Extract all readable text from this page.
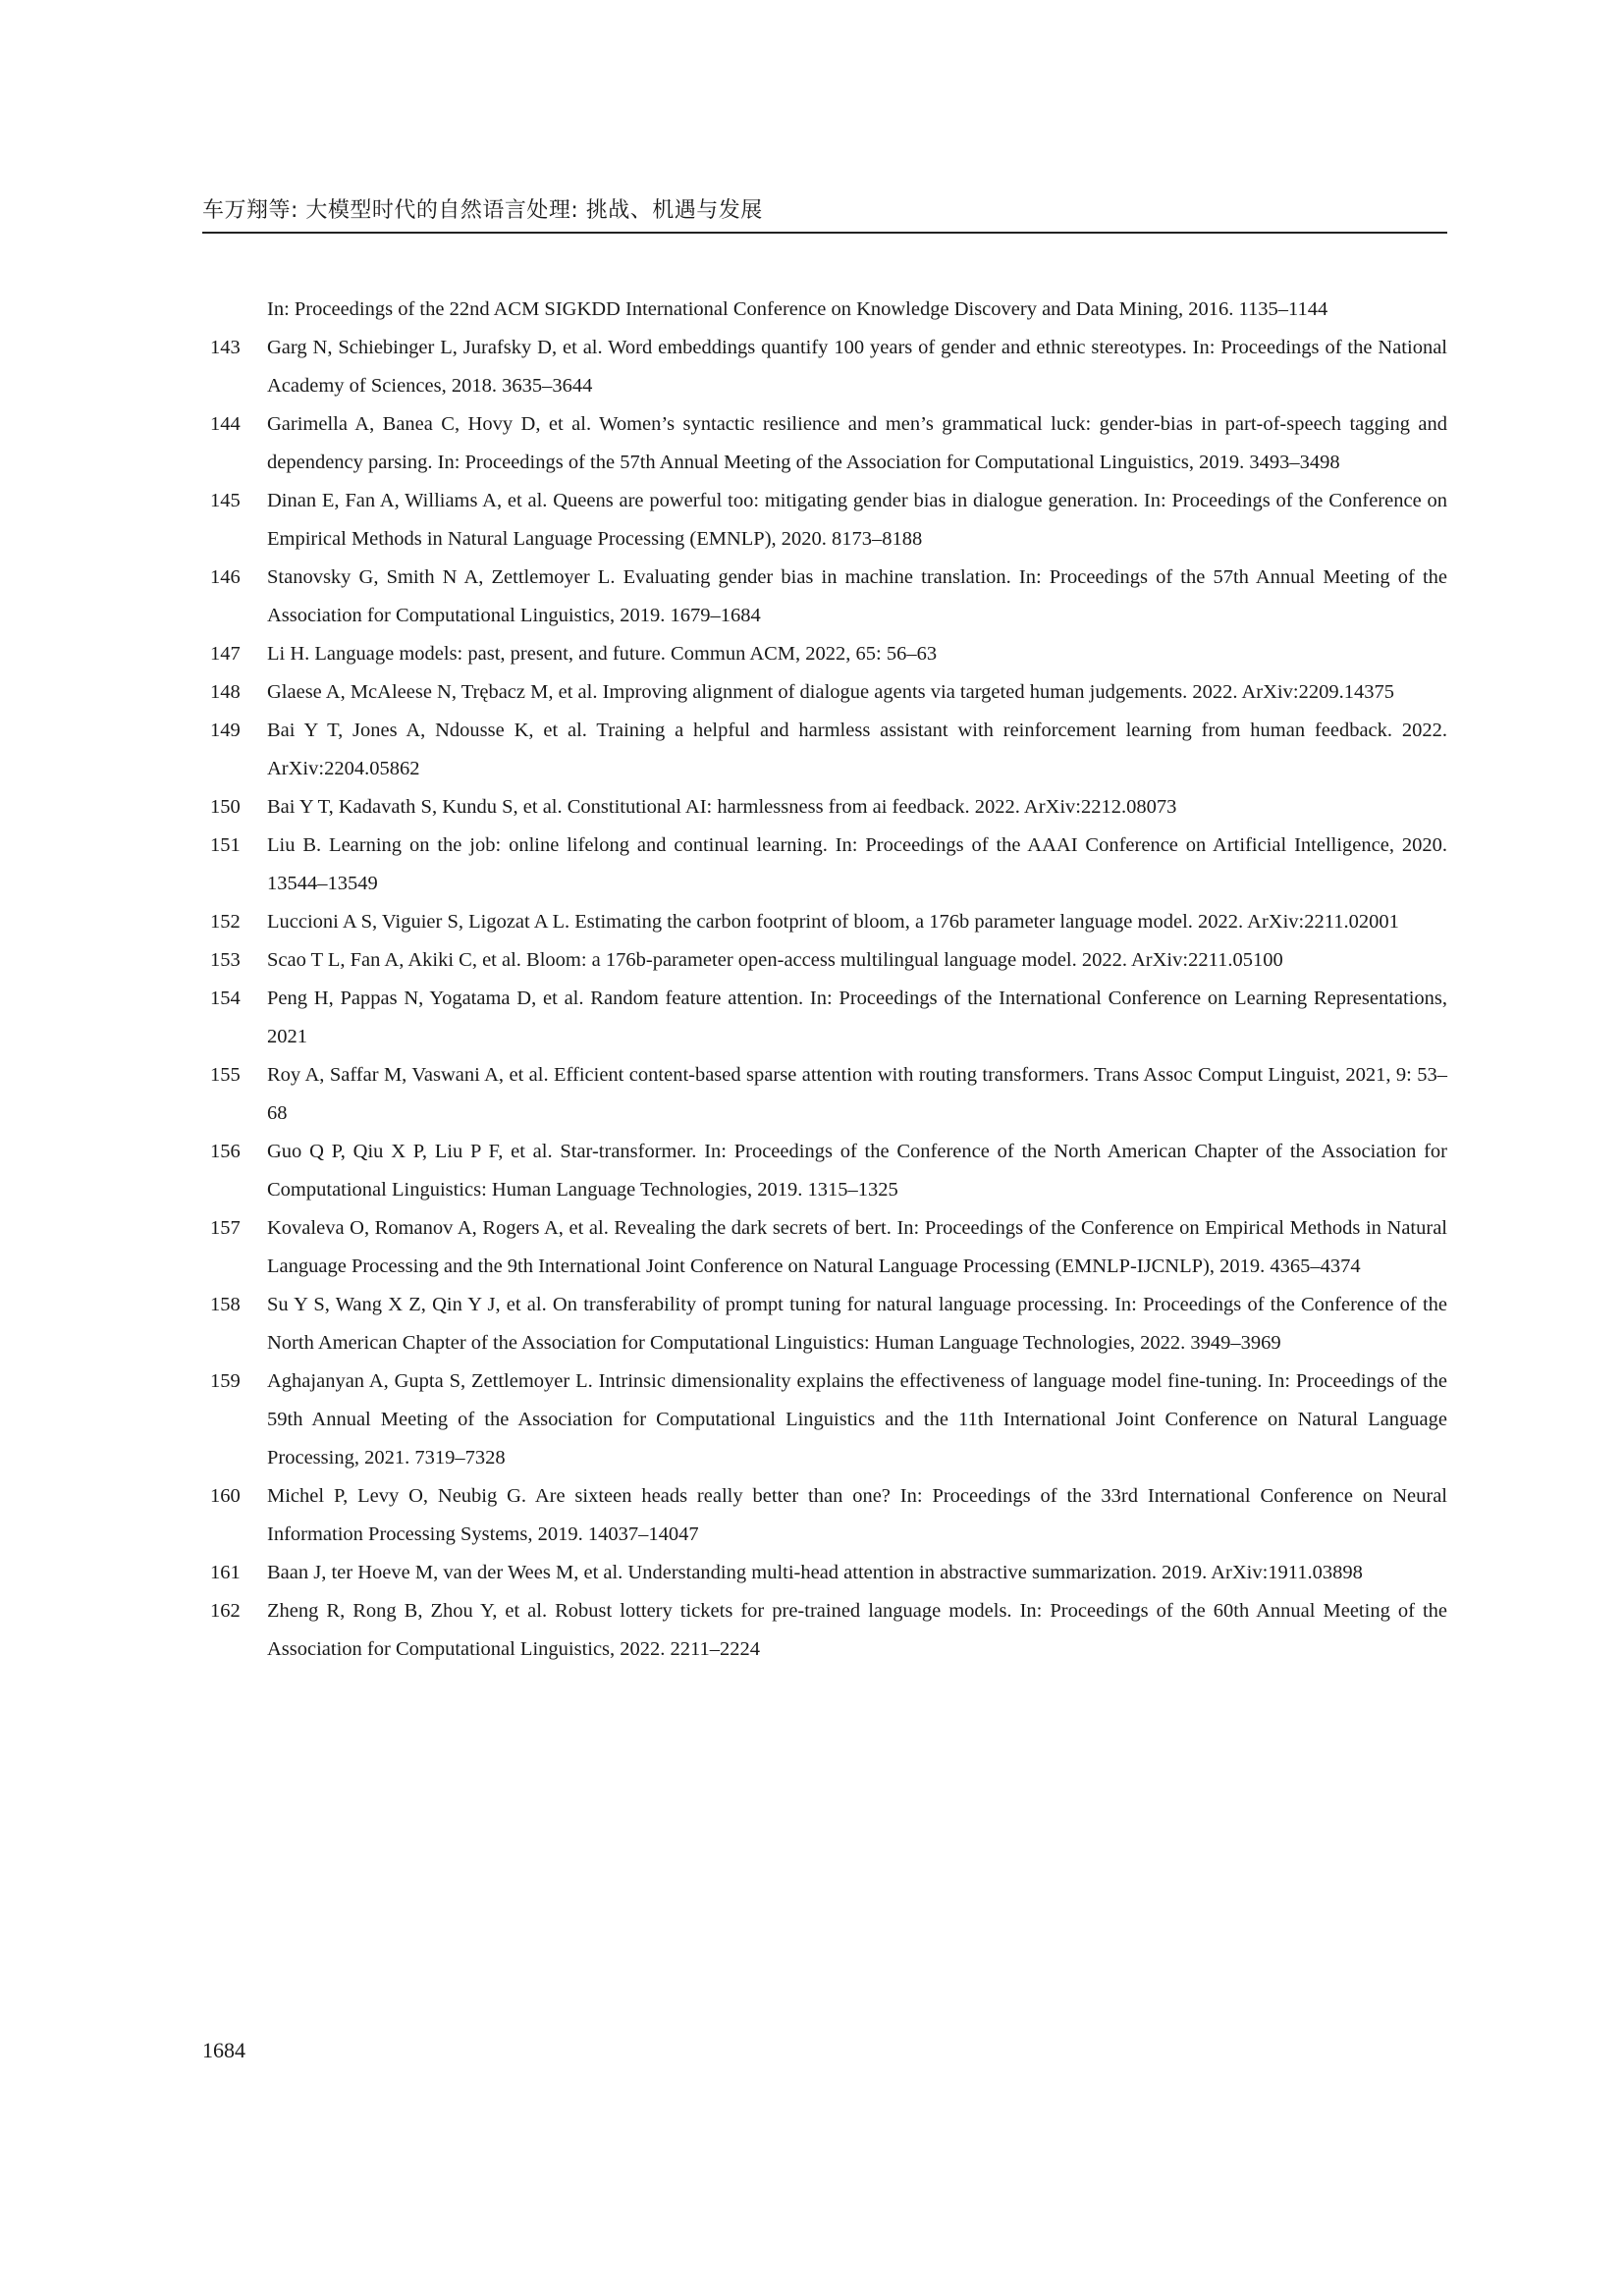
车万翔等: 大模型时代的自然语言处理: 挑战、机遇与发展
In: Proceedings of the 22nd ACM SIGKDD International Conference on Knowledge Discovery and Data Mining, 2016. 1135–1144
143 Garg N, Schiebinger L, Jurafsky D, et al. Word embeddings quantify 100 years of gender and ethnic stereotypes. In: Proceedings of the National Academy of Sciences, 2018. 3635–3644
144 Garimella A, Banea C, Hovy D, et al. Women’s syntactic resilience and men’s grammatical luck: gender-bias in part-of-speech tagging and dependency parsing. In: Proceedings of the 57th Annual Meeting of the Association for Computational Linguistics, 2019. 3493–3498
145 Dinan E, Fan A, Williams A, et al. Queens are powerful too: mitigating gender bias in dialogue generation. In: Proceedings of the Conference on Empirical Methods in Natural Language Processing (EMNLP), 2020. 8173–8188
146 Stanovsky G, Smith N A, Zettlemoyer L. Evaluating gender bias in machine translation. In: Proceedings of the 57th Annual Meeting of the Association for Computational Linguistics, 2019. 1679–1684
147 Li H. Language models: past, present, and future. Commun ACM, 2022, 65: 56–63
148 Glaese A, McAleese N, Trębacz M, et al. Improving alignment of dialogue agents via targeted human judgements. 2022. ArXiv:2209.14375
149 Bai Y T, Jones A, Ndousse K, et al. Training a helpful and harmless assistant with reinforcement learning from human feedback. 2022. ArXiv:2204.05862
150 Bai Y T, Kadavath S, Kundu S, et al. Constitutional AI: harmlessness from ai feedback. 2022. ArXiv:2212.08073
151 Liu B. Learning on the job: online lifelong and continual learning. In: Proceedings of the AAAI Conference on Artificial Intelligence, 2020. 13544–13549
152 Luccioni A S, Viguier S, Ligozat A L. Estimating the carbon footprint of bloom, a 176b parameter language model. 2022. ArXiv:2211.02001
153 Scao T L, Fan A, Akiki C, et al. Bloom: a 176b-parameter open-access multilingual language model. 2022. ArXiv:2211.05100
154 Peng H, Pappas N, Yogatama D, et al. Random feature attention. In: Proceedings of the International Conference on Learning Representations, 2021
155 Roy A, Saffar M, Vaswani A, et al. Efficient content-based sparse attention with routing transformers. Trans Assoc Comput Linguist, 2021, 9: 53–68
156 Guo Q P, Qiu X P, Liu P F, et al. Star-transformer. In: Proceedings of the Conference of the North American Chapter of the Association for Computational Linguistics: Human Language Technologies, 2019. 1315–1325
157 Kovaleva O, Romanov A, Rogers A, et al. Revealing the dark secrets of bert. In: Proceedings of the Conference on Empirical Methods in Natural Language Processing and the 9th International Joint Conference on Natural Language Processing (EMNLP-IJCNLP), 2019. 4365–4374
158 Su Y S, Wang X Z, Qin Y J, et al. On transferability of prompt tuning for natural language processing. In: Proceedings of the Conference of the North American Chapter of the Association for Computational Linguistics: Human Language Technologies, 2022. 3949–3969
159 Aghajanyan A, Gupta S, Zettlemoyer L. Intrinsic dimensionality explains the effectiveness of language model fine-tuning. In: Proceedings of the 59th Annual Meeting of the Association for Computational Linguistics and the 11th International Joint Conference on Natural Language Processing, 2021. 7319–7328
160 Michel P, Levy O, Neubig G. Are sixteen heads really better than one? In: Proceedings of the 33rd International Conference on Neural Information Processing Systems, 2019. 14037–14047
161 Baan J, ter Hoeve M, van der Wees M, et al. Understanding multi-head attention in abstractive summarization. 2019. ArXiv:1911.03898
162 Zheng R, Rong B, Zhou Y, et al. Robust lottery tickets for pre-trained language models. In: Proceedings of the 60th Annual Meeting of the Association for Computational Linguistics, 2022. 2211–2224
1684
